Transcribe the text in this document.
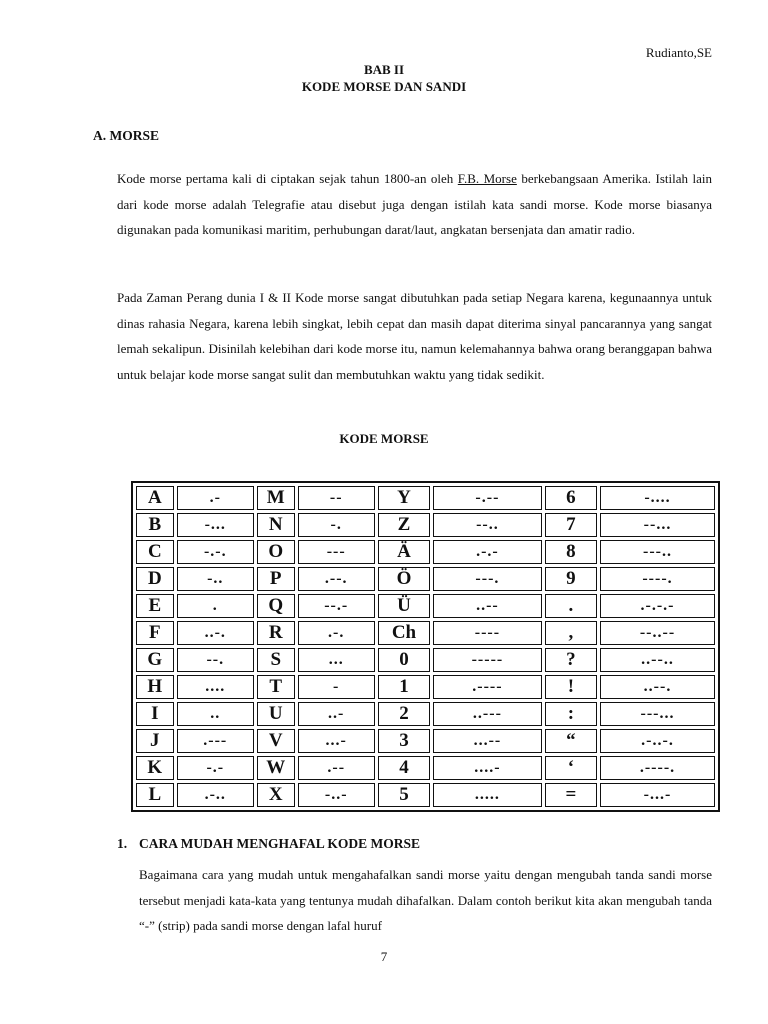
Rudianto,SE
BAB II
KODE MORSE DAN SANDI
A. MORSE
Kode morse pertama kali di ciptakan sejak tahun 1800-an oleh F.B. Morse berkebangsaan Amerika. Istilah lain dari kode morse adalah Telegrafie atau disebut juga dengan istilah kata sandi morse. Kode morse biasanya digunakan pada komunikasi maritim, perhubungan darat/laut, angkatan bersenjata dan amatir radio.
Pada Zaman Perang dunia I & II Kode morse sangat dibutuhkan pada setiap Negara karena, kegunaannya untuk dinas rahasia Negara, karena lebih singkat, lebih cepat dan masih dapat diterima sinyal pancarannya yang sangat lemah sekalipun. Disinilah kelebihan dari kode morse itu, namun kelemahannya bahwa orang beranggapan bahwa untuk belajar kode morse sangat sulit dan membutuhkan waktu yang tidak sedikit.
KODE MORSE
A	.-	M	--	Y	-.--	6	-....
B	-...	N	-.	Z	--..	7	--...
C	-.-.	O	---	Ä	.-.-	8	---..
D	-..	P	.--.	Ö	---.	9	----.
E	.	Q	--.-	Ü	..--	.	.-.-.-
F	..-.	R	.-.	Ch	----	,	--..--
G	--.	S	...	0	-----	?	..--..
H	....	T	-	1	.----	!	..--.
I	..	U	..-	2	..---	:	---...
J	.---	V	...-	3	...--	“	.-..-.
K	-.-	W	.--	4	....-	‘	.----.
L	.-..	X	-..-	5	.....	=	-...-
1. CARA MUDAH MENGHAFAL KODE MORSE
Bagaimana cara yang mudah untuk mengahafalkan sandi morse yaitu dengan mengubah tanda sandi morse tersebut menjadi kata-kata yang tentunya mudah dihafalkan. Dalam contoh berikut kita akan mengubah tanda “-” (strip) pada sandi morse dengan lafal huruf
7
